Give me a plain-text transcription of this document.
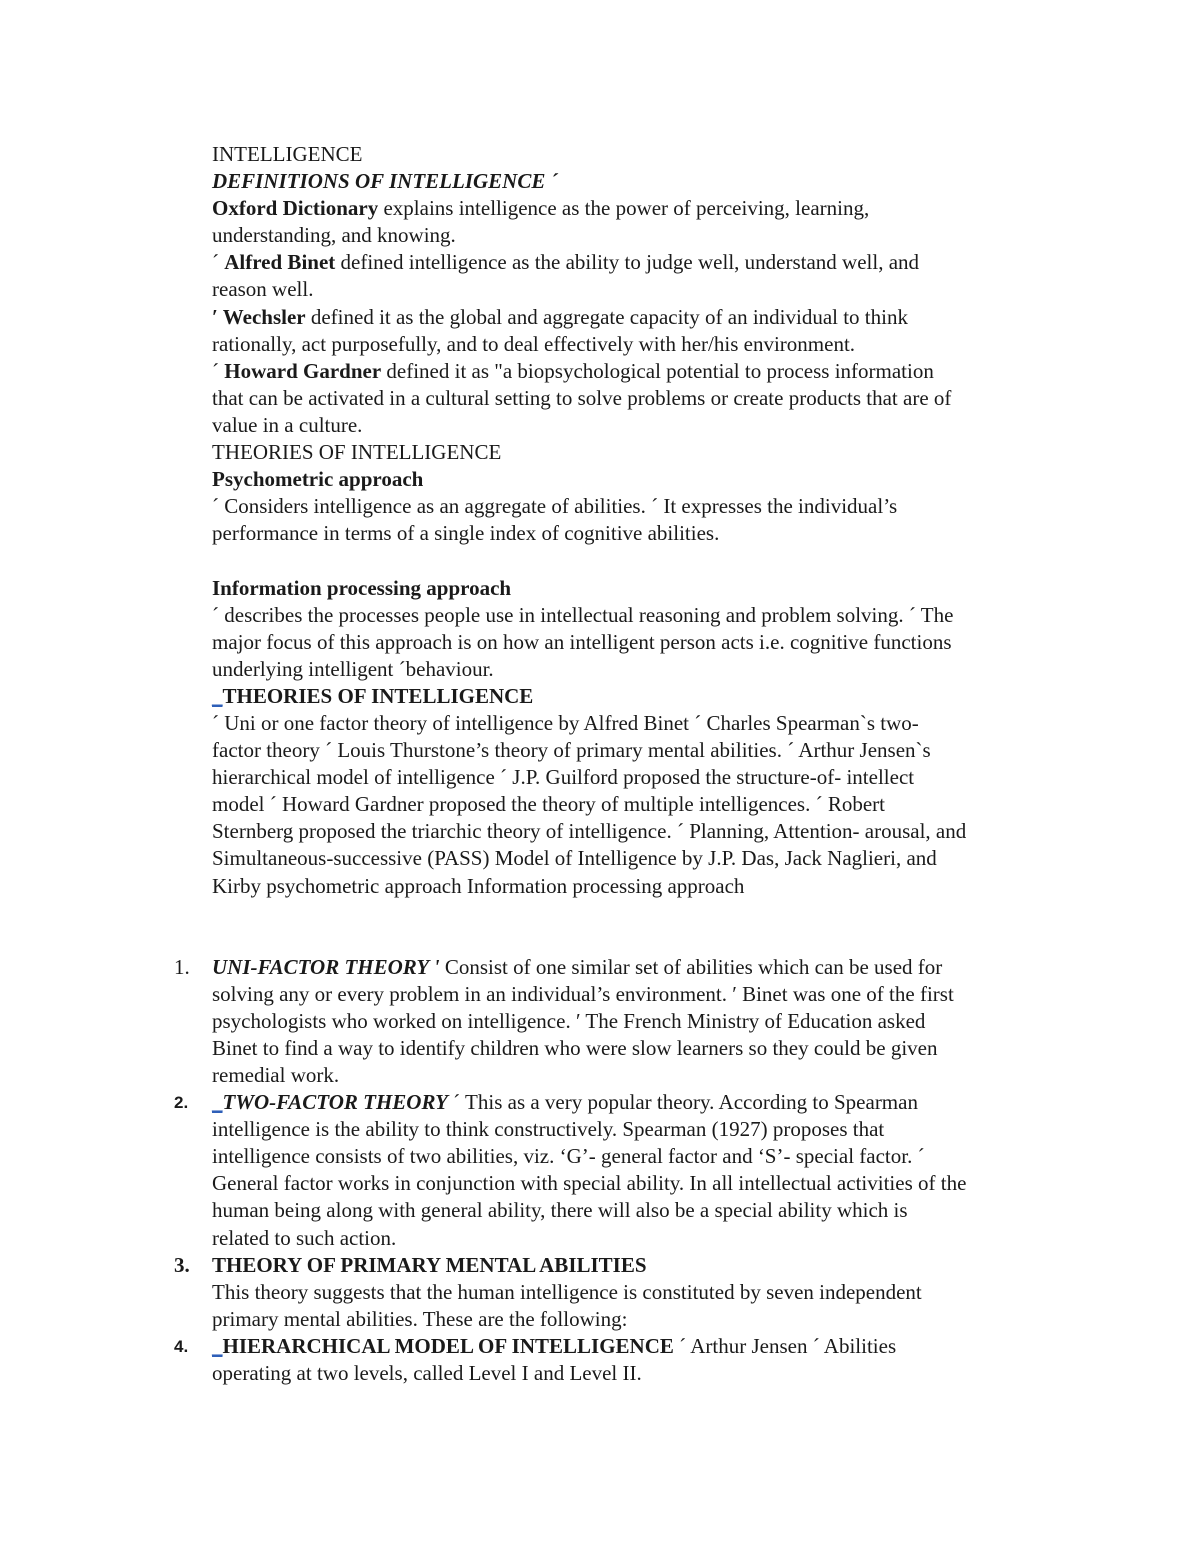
INTELLIGENCE
DEFINITIONS OF INTELLIGENCE ´
Oxford Dictionary explains intelligence as the power of perceiving, learning,
understanding, and knowing.
´ Alfred Binet defined intelligence as the ability to judge well, understand well, and
reason well.
ʹ Wechsler defined it as the global and aggregate capacity of an individual to think
rationally, act purposefully, and to deal effectively with her/his environment.
´ Howard Gardner defined it as "a biopsychological potential to process information
that can be activated in a cultural setting to solve problems or create products that are of
value in a culture.
THEORIES OF INTELLIGENCE
Psychometric approach
´ Considers intelligence as an aggregate of abilities. ´ It expresses the individual’s
performance in terms of a single index of cognitive abilities.
Information processing approach
´ describes the processes people use in intellectual reasoning and problem solving. ´ The
major focus of this approach is on how an intelligent person acts i.e. cognitive functions
underlying intelligent ´behaviour.
_THEORIES OF INTELLIGENCE
´ Uni or one factor theory of intelligence by Alfred Binet ´ Charles Spearman`s two-
factor theory ´ Louis Thurstone’s theory of primary mental abilities. ´ Arthur Jensen`s
hierarchical model of intelligence ´ J.P. Guilford proposed the structure-of- intellect
model ´ Howard Gardner proposed the theory of multiple intelligences. ´ Robert
Sternberg proposed the triarchic theory of intelligence. ´ Planning, Attention- arousal, and
Simultaneous-successive (PASS) Model of Intelligence by J.P. Das, Jack Naglieri, and
Kirby psychometric approach Information processing approach
1. UNI-FACTOR THEORY ʹ Consist of one similar set of abilities which can be used for
solving any or every problem in an individual’s environment. ʹ Binet was one of the first
psychologists who worked on intelligence. ʹ The French Ministry of Education asked
Binet to find a way to identify children who were slow learners so they could be given
remedial work.
2. _TWO-FACTOR THEORY ´ This as a very popular theory. According to Spearman
intelligence is the ability to think constructively. Spearman (1927) proposes that
intelligence consists of two abilities, viz. ‘G’- general factor and ‘S’- special factor. ´
General factor works in conjunction with special ability. In all intellectual activities of the
human being along with general ability, there will also be a special ability which is
related to such action.
3. THEORY OF PRIMARY MENTAL ABILITIES
This theory suggests that the human intelligence is constituted by seven independent
primary mental abilities. These are the following:
4. _HIERARCHICAL MODEL OF INTELLIGENCE ´ Arthur Jensen ´ Abilities
operating at two levels, called Level I and Level II.
